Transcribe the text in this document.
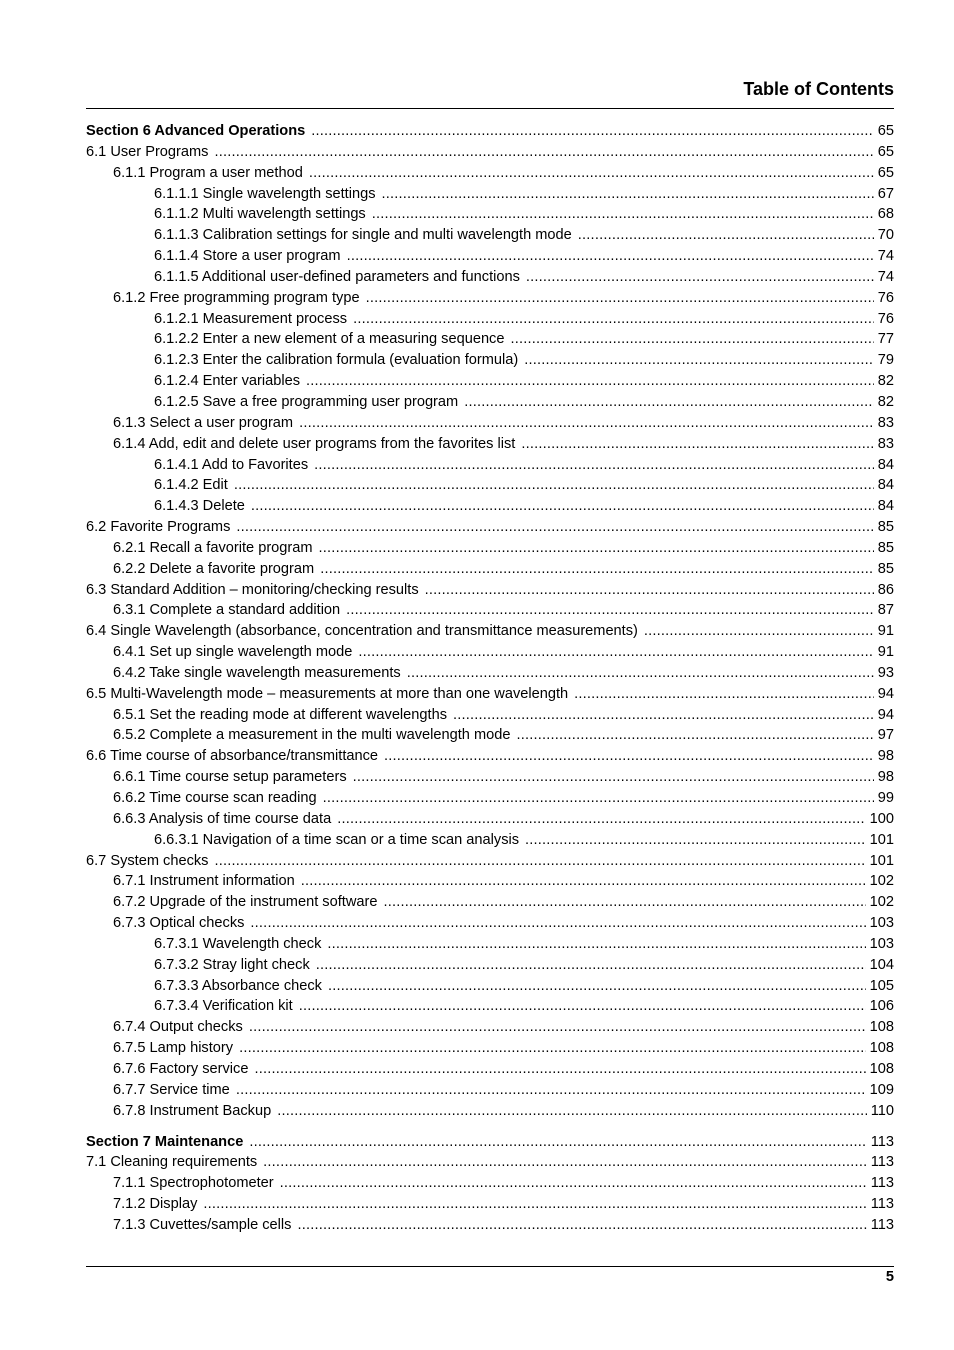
Table of Contents
Section 6 Advanced Operations .....	65
6.1 User Programs .....	65
6.1.1 Program a user method .....	65
6.1.1.1 Single wavelength settings .....	67
6.1.1.2 Multi wavelength settings .....	68
6.1.1.3 Calibration settings for single and multi wavelength mode .....	70
6.1.1.4 Store a user program .....	74
6.1.1.5 Additional user-defined parameters and functions .....	74
6.1.2 Free programming program type .....	76
6.1.2.1 Measurement process .....	76
6.1.2.2 Enter a new element of a measuring sequence .....	77
6.1.2.3 Enter the calibration formula (evaluation formula) .....	79
6.1.2.4 Enter variables .....	82
6.1.2.5 Save a free programming user program .....	82
6.1.3 Select a user program .....	83
6.1.4 Add, edit and delete user programs from the favorites list .....	83
6.1.4.1 Add to Favorites .....	84
6.1.4.2 Edit .....	84
6.1.4.3 Delete .....	84
6.2 Favorite Programs .....	85
6.2.1 Recall a favorite program .....	85
6.2.2 Delete a favorite program .....	85
6.3 Standard Addition – monitoring/checking results .....	86
6.3.1 Complete a standard addition .....	87
6.4 Single Wavelength (absorbance, concentration and transmittance measurements) .....	91
6.4.1 Set up single wavelength mode .....	91
6.4.2 Take single wavelength measurements .....	93
6.5 Multi-Wavelength mode – measurements at more than one wavelength .....	94
6.5.1 Set the reading mode at different wavelengths .....	94
6.5.2 Complete a measurement in the multi wavelength mode .....	97
6.6 Time course of absorbance/transmittance .....	98
6.6.1 Time course setup parameters .....	98
6.6.2 Time course scan reading .....	99
6.6.3 Analysis of time course data .....	100
6.6.3.1 Navigation of a time scan or a time scan analysis .....	101
6.7 System checks .....	101
6.7.1 Instrument information .....	102
6.7.2 Upgrade of the instrument software .....	102
6.7.3 Optical checks .....	103
6.7.3.1 Wavelength check .....	103
6.7.3.2 Stray light check .....	104
6.7.3.3 Absorbance check .....	105
6.7.3.4 Verification kit .....	106
6.7.4 Output checks .....	108
6.7.5 Lamp history .....	108
6.7.6 Factory service .....	108
6.7.7 Service time .....	109
6.7.8 Instrument Backup .....	110
Section 7 Maintenance .....	113
7.1 Cleaning requirements .....	113
7.1.1 Spectrophotometer .....	113
7.1.2 Display .....	113
7.1.3 Cuvettes/sample cells .....	113
5
